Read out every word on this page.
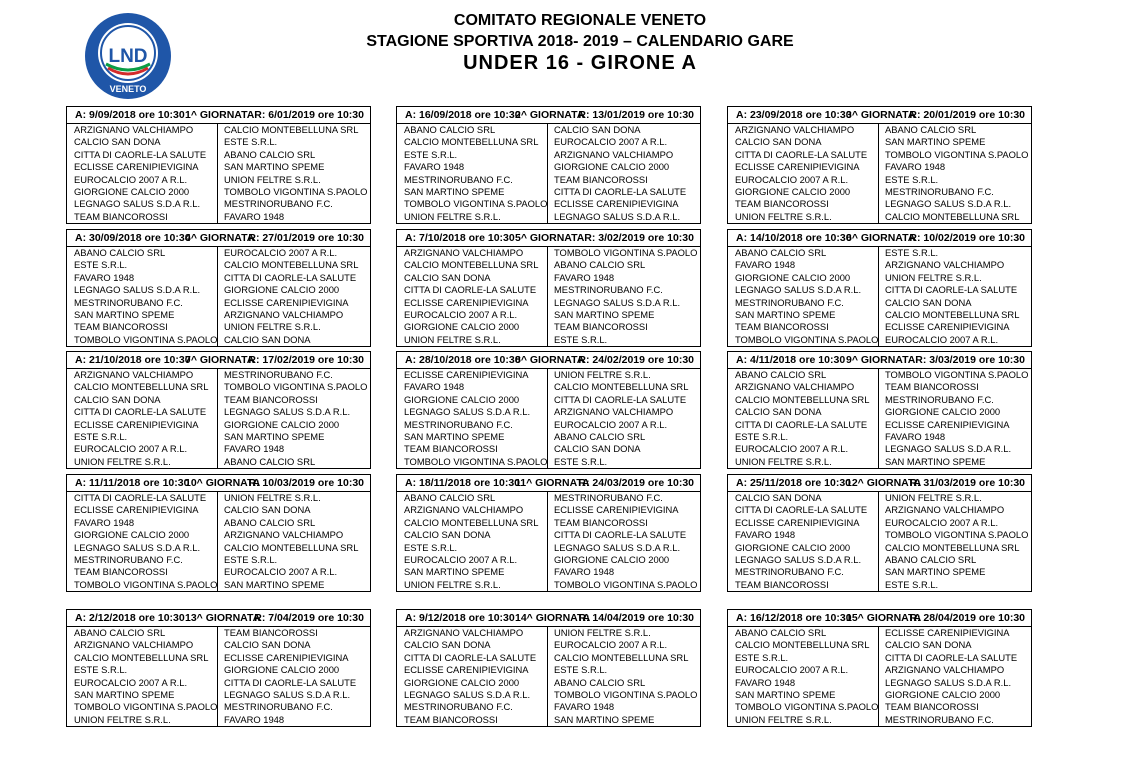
LND
VENETO
COMITATO REGIONALE VENETO
STAGIONE SPORTIVA 2018- 2019 – CALENDARIO GARE
UNDER 16 - GIRONE A
A: 9/09/2018 ore 10:30 1^ GIORNATA R: 6/01/2019 ore 10:30
ARZIGNANO VALCHIAMPO
CALCIO SAN DONA
CITTA DI CAORLE-LA SALUTE
ECLISSE CARENIPIEVIGINA
EUROCALCIO 2007 A R.L.
GIORGIONE CALCIO 2000
LEGNAGO SALUS S.D.A R.L.
TEAM BIANCOROSSI
CALCIO MONTEBELLUNA SRL
ESTE S.R.L.
ABANO CALCIO SRL
SAN MARTINO SPEME
UNION FELTRE S.R.L.
TOMBOLO VIGONTINA S.PAOLO
MESTRINORUBANO F.C.
FAVARO 1948
A: 16/09/2018 ore 10:30
2^ GIORNATA
R: 13/01/2019 ore 10:30
ABANO CALCIO SRL
CALCIO MONTEBELLUNA SRL
ESTE S.R.L.
FAVARO 1948
MESTRINORUBANO F.C.
SAN MARTINO SPEME
TOMBOLO VIGONTINA S.PAOLO
UNION FELTRE S.R.L.
CALCIO SAN DONA
EUROCALCIO 2007 A R.L.
ARZIGNANO VALCHIAMPO
GIORGIONE CALCIO 2000
TEAM BIANCOROSSI
CITTA DI CAORLE-LA SALUTE
ECLISSE CARENIPIEVIGINA
LEGNAGO SALUS S.D.A R.L.
A: 23/09/2018 ore 10:30
3^ GIORNATA
R: 20/01/2019 ore 10:30
ARZIGNANO VALCHIAMPO
CALCIO SAN DONA
CITTA DI CAORLE-LA SALUTE
ECLISSE CARENIPIEVIGINA
EUROCALCIO 2007 A R.L.
GIORGIONE CALCIO 2000
TEAM BIANCOROSSI
UNION FELTRE S.R.L.
ABANO CALCIO SRL
SAN MARTINO SPEME
TOMBOLO VIGONTINA S.PAOLO
FAVARO 1948
ESTE S.R.L.
MESTRINORUBANO F.C.
LEGNAGO SALUS S.D.A R.L.
CALCIO MONTEBELLUNA SRL
A: 30/09/2018 ore 10:30
4^ GIORNATA
R: 27/01/2019 ore 10:30
ABANO CALCIO SRL
ESTE S.R.L.
FAVARO 1948
LEGNAGO SALUS S.D.A R.L.
MESTRINORUBANO F.C.
SAN MARTINO SPEME
TEAM BIANCOROSSI
TOMBOLO VIGONTINA S.PAOLO
EUROCALCIO 2007 A R.L.
CALCIO MONTEBELLUNA SRL
CITTA DI CAORLE-LA SALUTE
GIORGIONE CALCIO 2000
ECLISSE CARENIPIEVIGINA
ARZIGNANO VALCHIAMPO
UNION FELTRE S.R.L.
CALCIO SAN DONA
A: 7/10/2018 ore 10:30 5^ GIORNATA R: 3/02/2019 ore 10:30
ARZIGNANO VALCHIAMPO
CALCIO MONTEBELLUNA SRL
CALCIO SAN DONA
CITTA DI CAORLE-LA SALUTE
ECLISSE CARENIPIEVIGINA
EUROCALCIO 2007 A R.L.
GIORGIONE CALCIO 2000
UNION FELTRE S.R.L.
TOMBOLO VIGONTINA S.PAOLO
ABANO CALCIO SRL
FAVARO 1948
MESTRINORUBANO F.C.
LEGNAGO SALUS S.D.A R.L.
SAN MARTINO SPEME
TEAM BIANCOROSSI
ESTE S.R.L.
A: 14/10/2018 ore 10:30
6^ GIORNATA
R: 10/02/2019 ore 10:30
ABANO CALCIO SRL
FAVARO 1948
GIORGIONE CALCIO 2000
LEGNAGO SALUS S.D.A R.L.
MESTRINORUBANO F.C.
SAN MARTINO SPEME
TEAM BIANCOROSSI
TOMBOLO VIGONTINA S.PAOLO
ESTE S.R.L.
ARZIGNANO VALCHIAMPO
UNION FELTRE S.R.L.
CITTA DI CAORLE-LA SALUTE
CALCIO SAN DONA
CALCIO MONTEBELLUNA SRL
ECLISSE CARENIPIEVIGINA
EUROCALCIO 2007 A R.L.
A: 21/10/2018 ore 10:30
7^ GIORNATA
R: 17/02/2019 ore 10:30
ARZIGNANO VALCHIAMPO
CALCIO MONTEBELLUNA SRL
CALCIO SAN DONA
CITTA DI CAORLE-LA SALUTE
ECLISSE CARENIPIEVIGINA
ESTE S.R.L.
EUROCALCIO 2007 A R.L.
UNION FELTRE S.R.L.
MESTRINORUBANO F.C.
TOMBOLO VIGONTINA S.PAOLO
TEAM BIANCOROSSI
LEGNAGO SALUS S.D.A R.L.
GIORGIONE CALCIO 2000
SAN MARTINO SPEME
FAVARO 1948
ABANO CALCIO SRL
A: 28/10/2018 ore 10:30
8^ GIORNATA
R: 24/02/2019 ore 10:30
ECLISSE CARENIPIEVIGINA
FAVARO 1948
GIORGIONE CALCIO 2000
LEGNAGO SALUS S.D.A R.L.
MESTRINORUBANO F.C.
SAN MARTINO SPEME
TEAM BIANCOROSSI
TOMBOLO VIGONTINA S.PAOLO
UNION FELTRE S.R.L.
CALCIO MONTEBELLUNA SRL
CITTA DI CAORLE-LA SALUTE
ARZIGNANO VALCHIAMPO
EUROCALCIO 2007 A R.L.
ABANO CALCIO SRL
CALCIO SAN DONA
ESTE S.R.L.
A: 4/11/2018 ore 10:30 9^ GIORNATA R: 3/03/2019 ore 10:30
ABANO CALCIO SRL
ARZIGNANO VALCHIAMPO
CALCIO MONTEBELLUNA SRL
CALCIO SAN DONA
CITTA DI CAORLE-LA SALUTE
ESTE S.R.L.
EUROCALCIO 2007 A R.L.
UNION FELTRE S.R.L.
TOMBOLO VIGONTINA S.PAOLO
TEAM BIANCOROSSI
MESTRINORUBANO F.C.
GIORGIONE CALCIO 2000
ECLISSE CARENIPIEVIGINA
FAVARO 1948
LEGNAGO SALUS S.D.A R.L.
SAN MARTINO SPEME
A: 11/11/2018 ore 10:30
10^ GIORNATA
R: 10/03/2019 ore 10:30
CITTA DI CAORLE-LA SALUTE
ECLISSE CARENIPIEVIGINA
FAVARO 1948
GIORGIONE CALCIO 2000
LEGNAGO SALUS S.D.A R.L.
MESTRINORUBANO F.C.
TEAM BIANCOROSSI
TOMBOLO VIGONTINA S.PAOLO
UNION FELTRE S.R.L.
CALCIO SAN DONA
ABANO CALCIO SRL
ARZIGNANO VALCHIAMPO
CALCIO MONTEBELLUNA SRL
ESTE S.R.L.
EUROCALCIO 2007 A R.L.
SAN MARTINO SPEME
A: 18/11/2018 ore 10:30
11^ GIORNATA
R: 24/03/2019 ore 10:30
ABANO CALCIO SRL
ARZIGNANO VALCHIAMPO
CALCIO MONTEBELLUNA SRL
CALCIO SAN DONA
ESTE S.R.L.
EUROCALCIO 2007 A R.L.
SAN MARTINO SPEME
UNION FELTRE S.R.L.
MESTRINORUBANO F.C.
ECLISSE CARENIPIEVIGINA
TEAM BIANCOROSSI
CITTA DI CAORLE-LA SALUTE
LEGNAGO SALUS S.D.A R.L.
GIORGIONE CALCIO 2000
FAVARO 1948
TOMBOLO VIGONTINA S.PAOLO
A: 25/11/2018 ore 10:30
12^ GIORNATA
R: 31/03/2019 ore 10:30
CALCIO SAN DONA
CITTA DI CAORLE-LA SALUTE
ECLISSE CARENIPIEVIGINA
FAVARO 1948
GIORGIONE CALCIO 2000
LEGNAGO SALUS S.D.A R.L.
MESTRINORUBANO F.C.
TEAM BIANCOROSSI
UNION FELTRE S.R.L.
ARZIGNANO VALCHIAMPO
EUROCALCIO 2007 A R.L.
TOMBOLO VIGONTINA S.PAOLO
CALCIO MONTEBELLUNA SRL
ABANO CALCIO SRL
SAN MARTINO SPEME
ESTE S.R.L.
A: 2/12/2018 ore 10:30 13^ GIORNATA
R: 7/04/2019 ore 10:30
ABANO CALCIO SRL
ARZIGNANO VALCHIAMPO
CALCIO MONTEBELLUNA SRL
ESTE S.R.L.
EUROCALCIO 2007 A R.L.
SAN MARTINO SPEME
TOMBOLO VIGONTINA S.PAOLO
UNION FELTRE S.R.L.
TEAM BIANCOROSSI
CALCIO SAN DONA
ECLISSE CARENIPIEVIGINA
GIORGIONE CALCIO 2000
CITTA DI CAORLE-LA SALUTE
LEGNAGO SALUS S.D.A R.L.
MESTRINORUBANO F.C.
FAVARO 1948
A: 9/12/2018 ore 10:30 14^ GIORNATA
R: 14/04/2019 ore 10:30
ARZIGNANO VALCHIAMPO
CALCIO SAN DONA
CITTA DI CAORLE-LA SALUTE
ECLISSE CARENIPIEVIGINA
GIORGIONE CALCIO 2000
LEGNAGO SALUS S.D.A R.L.
MESTRINORUBANO F.C.
TEAM BIANCOROSSI
UNION FELTRE S.R.L.
EUROCALCIO 2007 A R.L.
CALCIO MONTEBELLUNA SRL
ESTE S.R.L.
ABANO CALCIO SRL
TOMBOLO VIGONTINA S.PAOLO
FAVARO 1948
SAN MARTINO SPEME
A: 16/12/2018 ore 10:30
15^ GIORNATA
R: 28/04/2019 ore 10:30
ABANO CALCIO SRL
CALCIO MONTEBELLUNA SRL
ESTE S.R.L.
EUROCALCIO 2007 A R.L.
FAVARO 1948
SAN MARTINO SPEME
TOMBOLO VIGONTINA S.PAOLO
UNION FELTRE S.R.L.
ECLISSE CARENIPIEVIGINA
CALCIO SAN DONA
CITTA DI CAORLE-LA SALUTE
ARZIGNANO VALCHIAMPO
LEGNAGO SALUS S.D.A R.L.
GIORGIONE CALCIO 2000
TEAM BIANCOROSSI
MESTRINORUBANO F.C.
